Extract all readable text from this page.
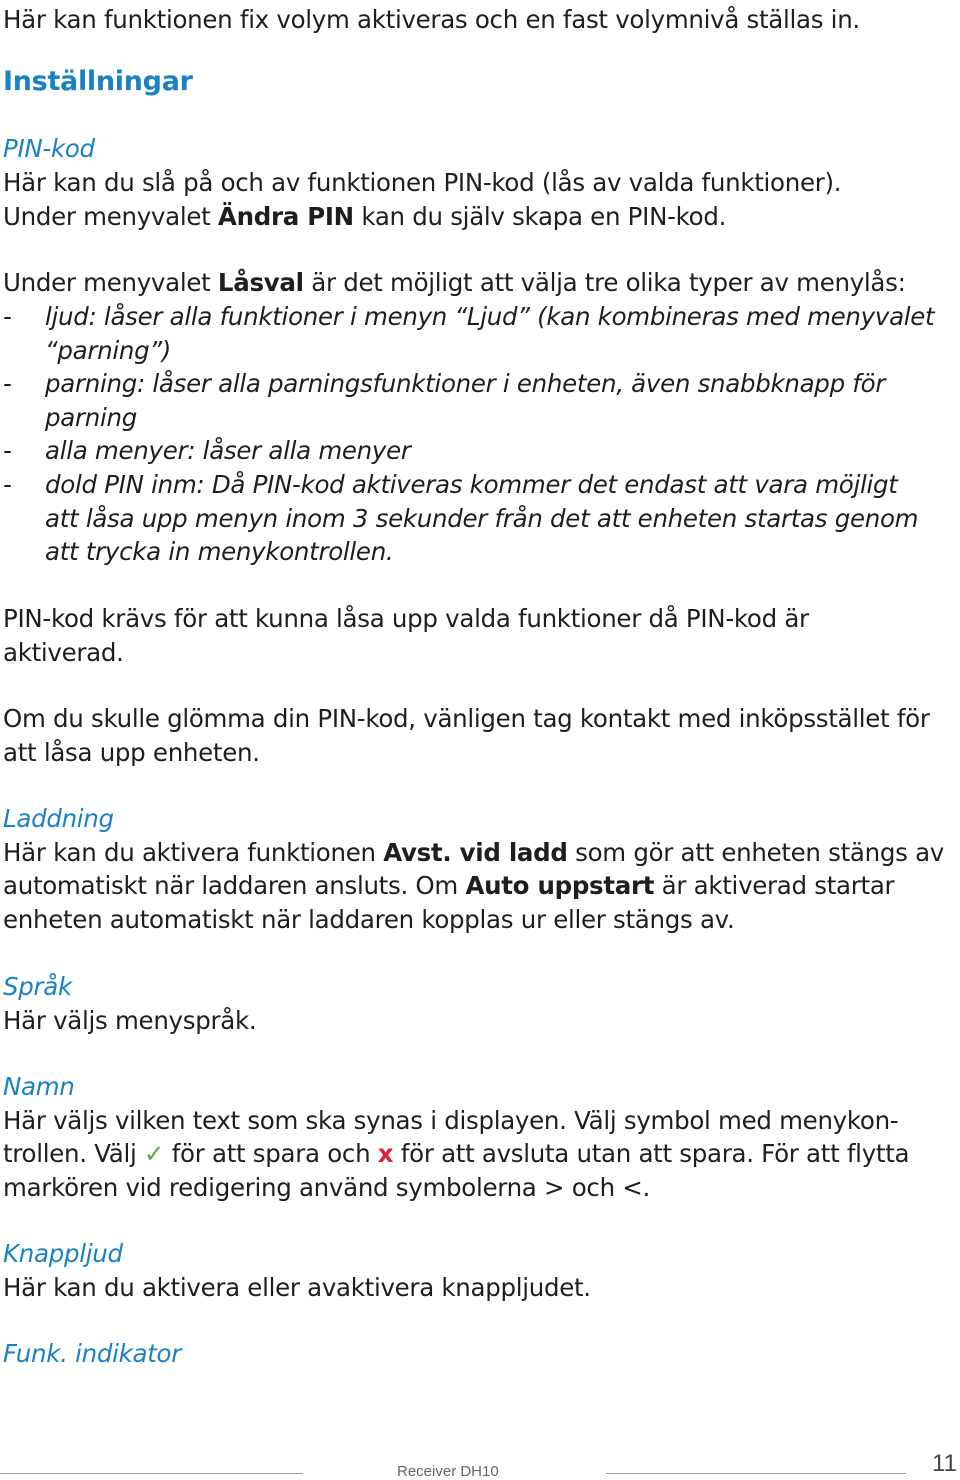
Här kan funktionen fix volym aktiveras och en fast volymnivå ställas in.

Inställningar

PIN-kod

Här kan du slå på och av funktionen PIN-kod (lås av valda funktioner).

Under menyvalet Ändra PIN kan du själv skapa en PIN-kod.

Under menyvalet Låsval är det möjligt att välja tre olika typer av menylås:

- ljud: låser alla funktioner i menyn “Ljud” (kan kombineras med menyvalet

“parning”)

- parning: låser alla parningsfunktioner i enheten, även snabbknapp för

parning

- alla menyer: låser alla menyer

- dold PIN inm: Då PIN-kod aktiveras kommer det endast att vara möjligt

att låsa upp menyn inom 3 sekunder från det att enheten startas genom

att trycka in menykontrollen.

PIN-kod krävs för att kunna låsa upp valda funktioner då PIN-kod är

aktiverad.

Om du skulle glömma din PIN-kod, vänligen tag kontakt med inköpsstället för

att låsa upp enheten.

Laddning

Här kan du aktivera funktionen Avst. vid ladd som gör att enheten stängs av

automatiskt när laddaren ansluts. Om Auto uppstart är aktiverad startar

enheten automatiskt när laddaren kopplas ur eller stängs av.

Språk

Här väljs menyspråk.

Namn

Här väljs vilken text som ska synas i displayen. Välj symbol med menykon-

trollen. Välj ✓ för att spara och x för att avsluta utan att spara. För att flytta

markören vid redigering använd symbolerna > och <.

Knappljud

Här kan du aktivera eller avaktivera knappljudet.

Funk. indikator

Receiver DH10	11
